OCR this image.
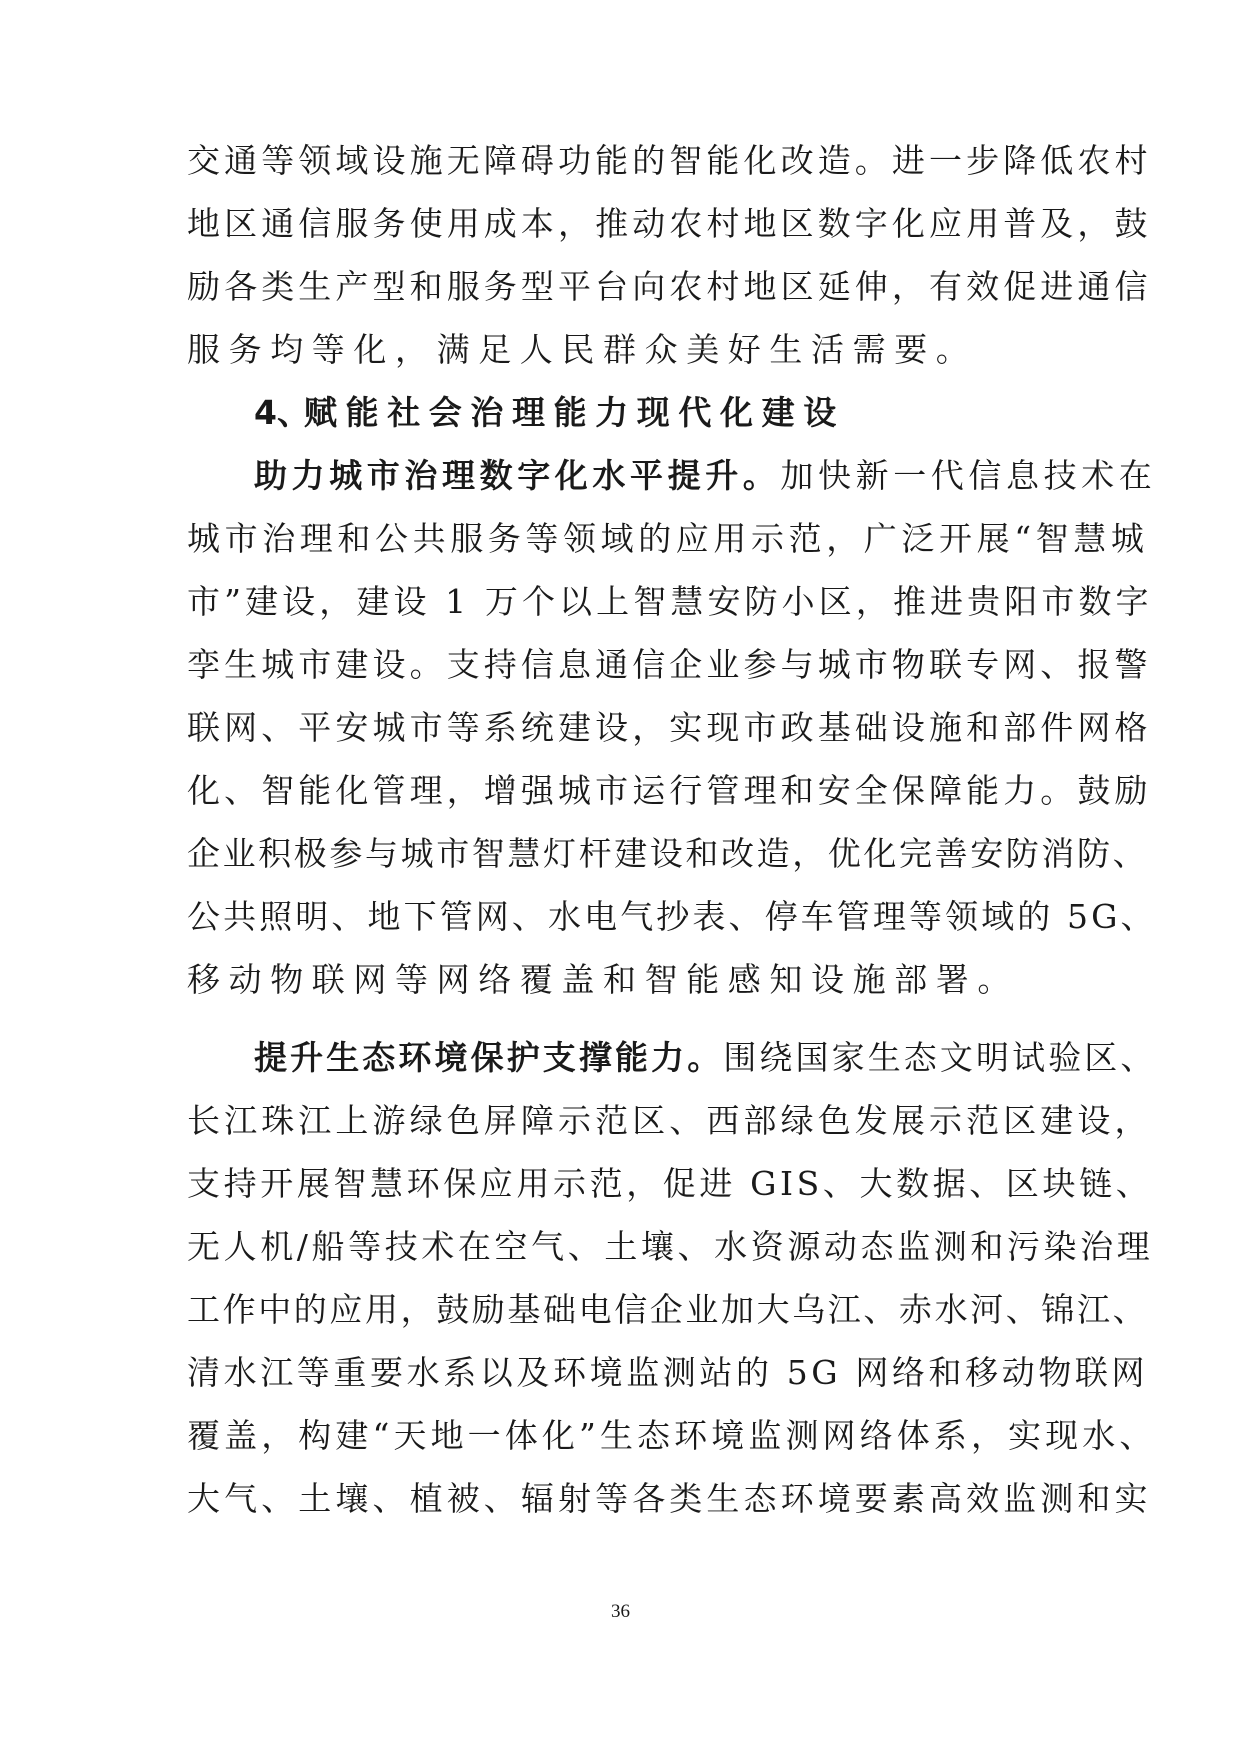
交通等领域设施无障碍功能的智能化改造。进一步降低农村
地区通信服务使用成本，推动农村地区数字化应用普及，鼓
励各类生产型和服务型平台向农村地区延伸，有效促进通信
服务均等化，满足人民群众美好生活需要。
4、赋能社会治理能力现代化建设
助力城市治理数字化水平提升。加快新一代信息技术在
城市治理和公共服务等领域的应用示范，广泛开展“智慧城
市”建设，建设 1 万个以上智慧安防小区，推进贵阳市数字
孪生城市建设。支持信息通信企业参与城市物联专网、报警
联网、平安城市等系统建设，实现市政基础设施和部件网格
化、智能化管理，增强城市运行管理和安全保障能力。鼓励
企业积极参与城市智慧灯杆建设和改造，优化完善安防消防、
公共照明、地下管网、水电气抄表、停车管理等领域的 5G、
移动物联网等网络覆盖和智能感知设施部署。
提升生态环境保护支撑能力。围绕国家生态文明试验区、
长江珠江上游绿色屏障示范区、西部绿色发展示范区建设，
支持开展智慧环保应用示范，促进 GIS、大数据、区块链、
无人机/船等技术在空气、土壤、水资源动态监测和污染治理
工作中的应用，鼓励基础电信企业加大乌江、赤水河、锦江、
清水江等重要水系以及环境监测站的 5G 网络和移动物联网
覆盖，构建“天地一体化”生态环境监测网络体系，实现水、
大气、土壤、植被、辐射等各类生态环境要素高效监测和实
36
